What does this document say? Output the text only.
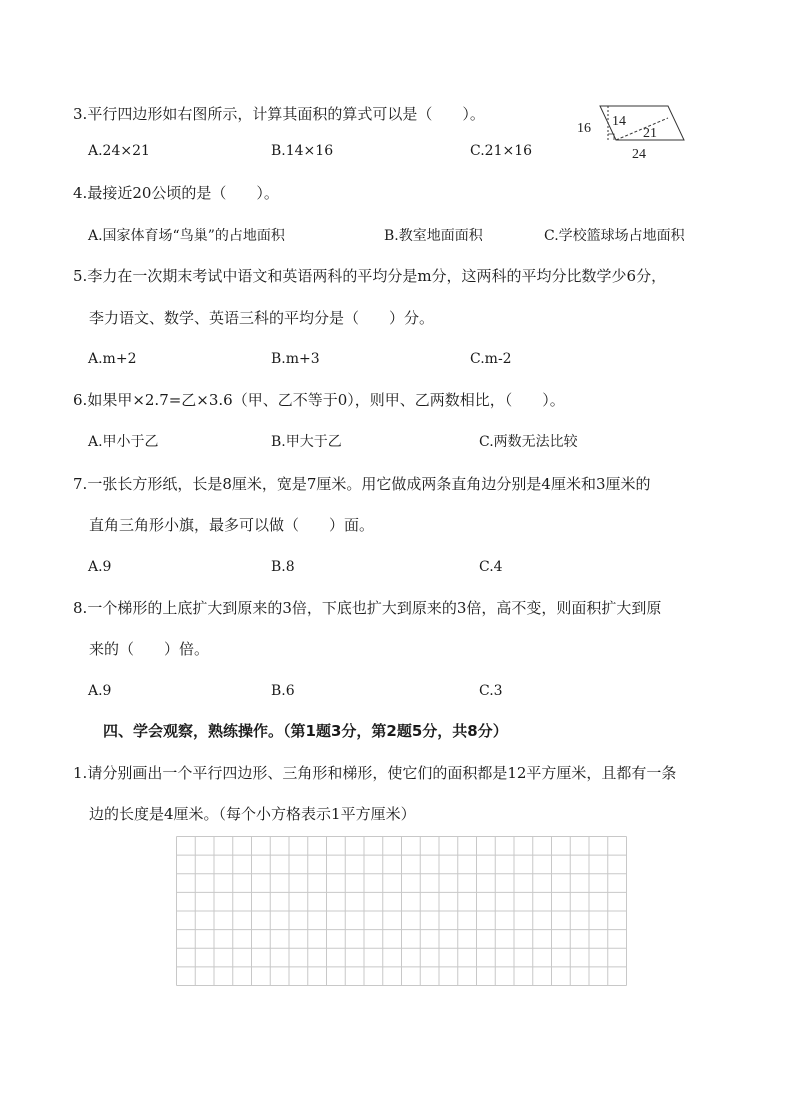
3.平行四边形如右图所示，计算其面积的算式可以是（　　）。
A.24×21	B.14×16	C.21×16
16 14
21
24
4.最接近20公顷的是（　　）。
A.国家体育场“鸟巢”的占地面积	B.教室地面面积	C.学校篮球场占地面积
5.李力在一次期末考试中语文和英语两科的平均分是m分，这两科的平均分比数学少6分，
李力语文、数学、英语三科的平均分是（　　）分。
A.m+2	B.m+3	C.m-2
6.如果甲×2.7=乙×3.6（甲、乙不等于0），则甲、乙两数相比，（　　）。
A.甲小于乙	B.甲大于乙	C.两数无法比较
7.一张长方形纸，长是8厘米，宽是7厘米。用它做成两条直角边分别是4厘米和3厘米的
直角三角形小旗，最多可以做（　　）面。
A.9	B.8	C.4
8.一个梯形的上底扩大到原来的3倍，下底也扩大到原来的3倍，高不变，则面积扩大到原
来的（　　）倍。
A.9	B.6	C.3
四、学会观察，熟练操作。（第1题3分，第2题5分，共8分）
1.请分别画出一个平行四边形、三角形和梯形，使它们的面积都是12平方厘米，且都有一条
边的长度是4厘米。（每个小方格表示1平方厘米）
